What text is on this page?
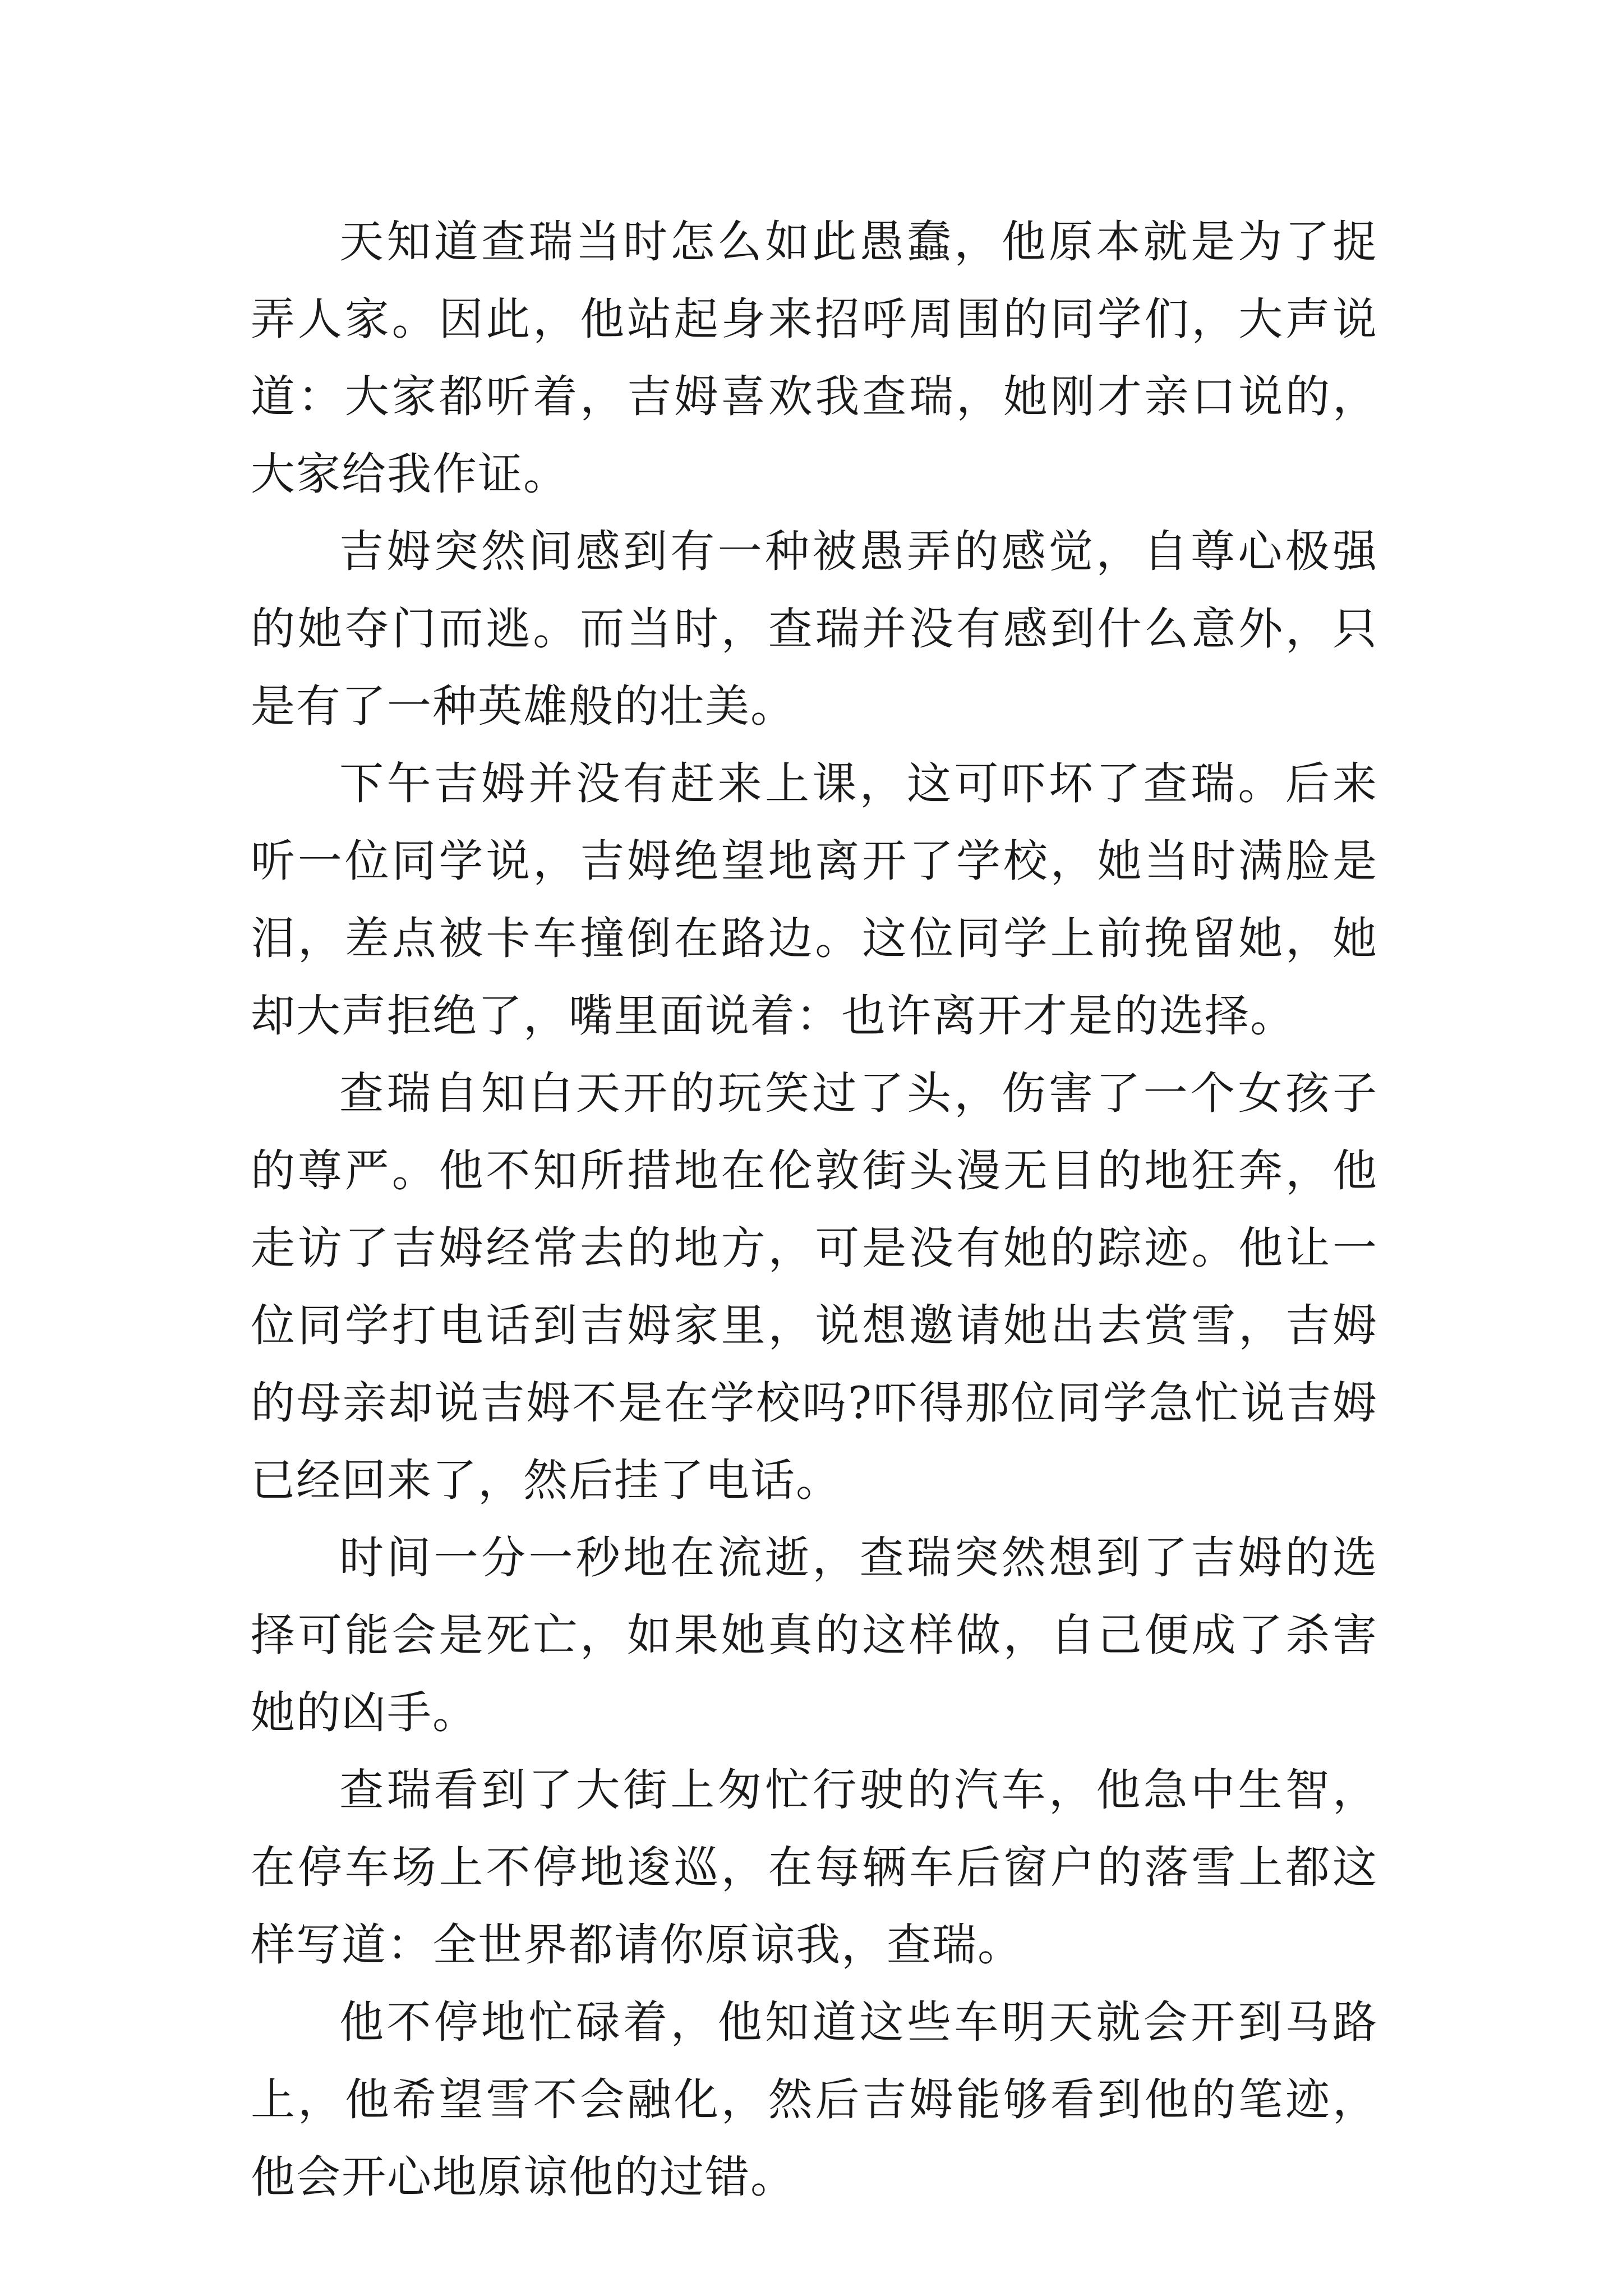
天知道查瑞当时怎么如此愚蠢，他原本就是为了捉弄人家。因此，他站起身来招呼周围的同学们，大声说道：大家都听着，吉姆喜欢我查瑞，她刚才亲口说的，大家给我作证。

吉姆突然间感到有一种被愚弄的感觉，自尊心极强的她夺门而逃。而当时，查瑞并没有感到什么意外，只是有了一种英雄般的壮美。

下午吉姆并没有赶来上课，这可吓坏了查瑞。后来听一位同学说，吉姆绝望地离开了学校，她当时满脸是泪，差点被卡车撞倒在路边。这位同学上前挽留她，她却大声拒绝了，嘴里面说着：也许离开才是的选择。

查瑞自知白天开的玩笑过了头，伤害了一个女孩子的尊严。他不知所措地在伦敦街头漫无目的地狂奔，他走访了吉姆经常去的地方，可是没有她的踪迹。他让一位同学打电话到吉姆家里，说想邀请她出去赏雪，吉姆的母亲却说吉姆不是在学校吗?吓得那位同学急忙说吉姆已经回来了，然后挂了电话。

时间一分一秒地在流逝，查瑞突然想到了吉姆的选择可能会是死亡，如果她真的这样做，自己便成了杀害她的凶手。

查瑞看到了大街上匆忙行驶的汽车，他急中生智，在停车场上不停地逡巡，在每辆车后窗户的落雪上都这样写道：全世界都请你原谅我，查瑞。

他不停地忙碌着，他知道这些车明天就会开到马路上，他希望雪不会融化，然后吉姆能够看到他的笔迹，他会开心地原谅他的过错。
